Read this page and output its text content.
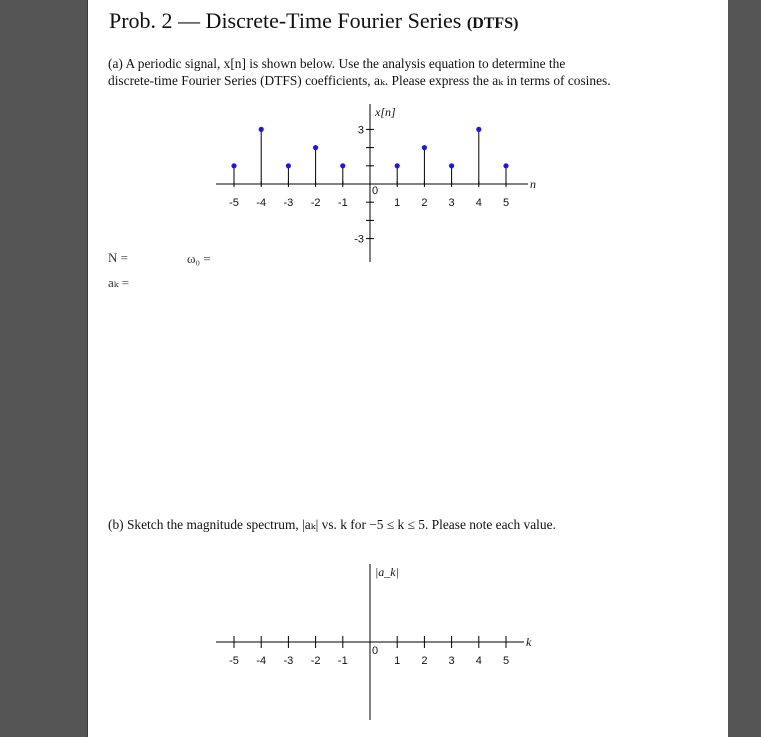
Prob. 2 — Discrete-Time Fourier Series (DTFS)
(a) A periodic signal, x[n] is shown below. Use the analysis equation to determine the
discrete-time Fourier Series (DTFS) coefficients, aₖ. Please express the aₖ in terms of cosines.
N =	ω₀ =
aₖ =
(b) Sketch the magnitude spectrum, |aₖ| vs. k for −5 ≤ k ≤ 5. Please note each value.
x[n]
n
-5 -4 -3 -2 -1	1 2 3 4 5
0
3
-3
|a_k|
k
-5 -4 -3 -2 -1	1 2 3 4 5
0
